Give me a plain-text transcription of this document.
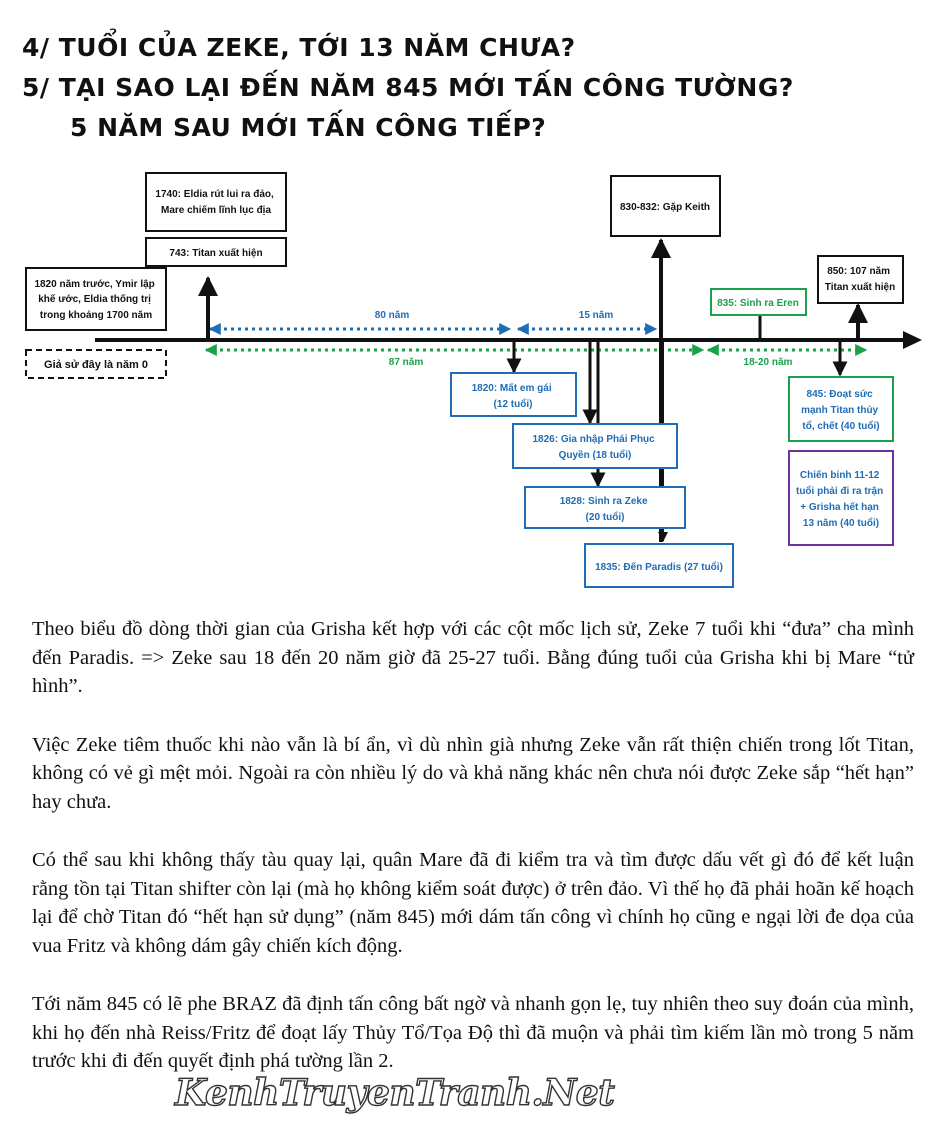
4/ TUỔI CỦA ZEKE, TỚI 13 NĂM CHƯA?
5/ TẠI SAO LẠI ĐẾN NĂM 845 MỚI TẤN CÔNG TƯỜNG?
5 NĂM SAU MỚI TẤN CÔNG TIẾP?
80 năm	15 năm
87 năm	18-20 năm
1740: Eldia rút lui ra đảo, Mare chiếm lĩnh lục địa
743: Titan xuất hiện
1820 năm trước, Ymir lập khế ước, Eldia thống trị trong khoảng 1700 năm
Giả sử đây là năm 0
830-832: Gặp Keith
850: 107 năm Titan xuất hiện
835: Sinh ra Eren
845: Đoạt sức mạnh Titan thủy tổ, chết (40 tuổi)
Chiến binh 11-12 tuổi phải đi ra trận + Grisha hết hạn 13 năm (40 tuổi)
1820: Mất em gái (12 tuổi)
1826: Gia nhập Phái Phục Quyền (18 tuổi)
1828: Sinh ra Zeke (20 tuổi)
1835: Đến Paradis (27 tuổi)

Theo biểu đồ dòng thời gian của Grisha kết hợp với các cột mốc lịch sử, Zeke 7 tuổi khi “đưa” cha mình đến Paradis. => Zeke sau 18 đến 20 năm giờ đã 25-27 tuổi. Bằng đúng tuổi của Grisha khi bị Mare “tử hình”.

Việc Zeke tiêm thuốc khi nào vẫn là bí ẩn, vì dù nhìn già nhưng Zeke vẫn rất thiện chiến trong lốt Titan, không có vẻ gì mệt mỏi. Ngoài ra còn nhiều lý do và khả năng khác nên chưa nói được Zeke sắp “hết hạn” hay chưa.

Có thể sau khi không thấy tàu quay lại, quân Mare đã đi kiểm tra và tìm được dấu vết gì đó để kết luận rằng tồn tại Titan shifter còn lại (mà họ không kiểm soát được) ở trên đảo. Vì thế họ đã phải hoãn kế hoạch lại để chờ Titan đó “hết hạn sử dụng” (năm 845) mới dám tấn công vì chính họ cũng e ngại lời đe dọa của vua Fritz và không dám gây chiến kích động.

Tới năm 845 có lẽ phe BRAZ đã định tấn công bất ngờ và nhanh gọn lẹ, tuy nhiên theo suy đoán của mình, khi họ đến nhà Reiss/Fritz để đoạt lấy Thủy Tổ/Tọa Độ thì đã muộn và phải tìm kiếm lần mò trong 5 năm trước khi đi đến quyết định phá tường lần 2.

KenhTruyenTranh.Net
